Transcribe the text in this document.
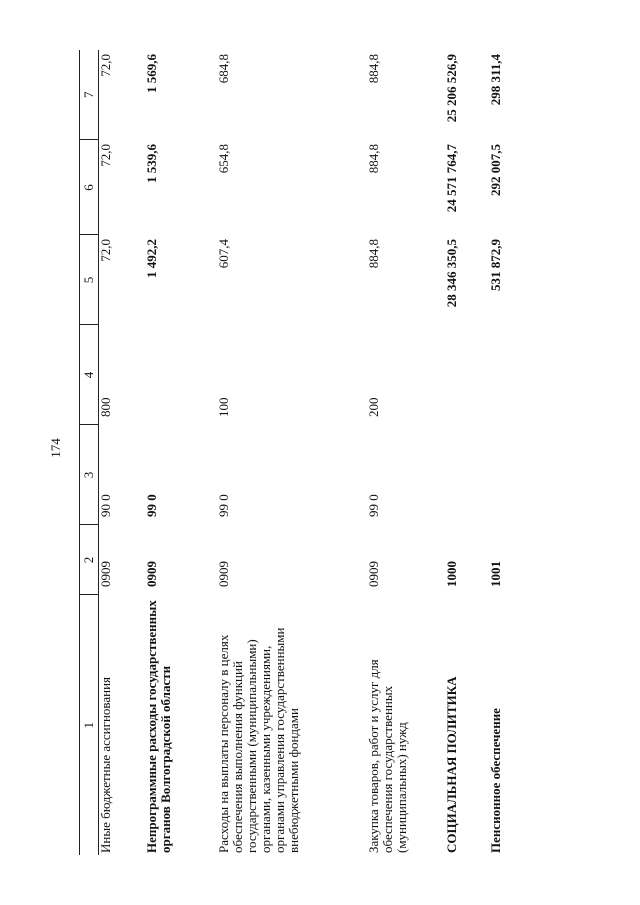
174
1	2	3	4	5	6	7
Иные бюджетные ассигнования	0909	90 0	800	72,0	72,0	72,0
Непрограммные расходы государственных органов Волгоградской области	0909	99 0		1 492,2	1 539,6	1 569,6
Расходы на выплаты персоналу в целях обеспечения выполнения функций государственными (муниципальными) органами, казенными учреждениями, органами управления государственными внебюджетными фондами	0909	99 0	100	607,4	654,8	684,8
Закупка товаров, работ и услуг для обеспечения государственных (муниципальных) нужд	0909	99 0	200	884,8	884,8	884,8
СОЦИАЛЬНАЯ ПОЛИТИКА	1000			28 346 350,5	24 571 764,7	25 206 526,9
Пенсионное обеспечение	1001			531 872,9	292 007,5	298 311,4
